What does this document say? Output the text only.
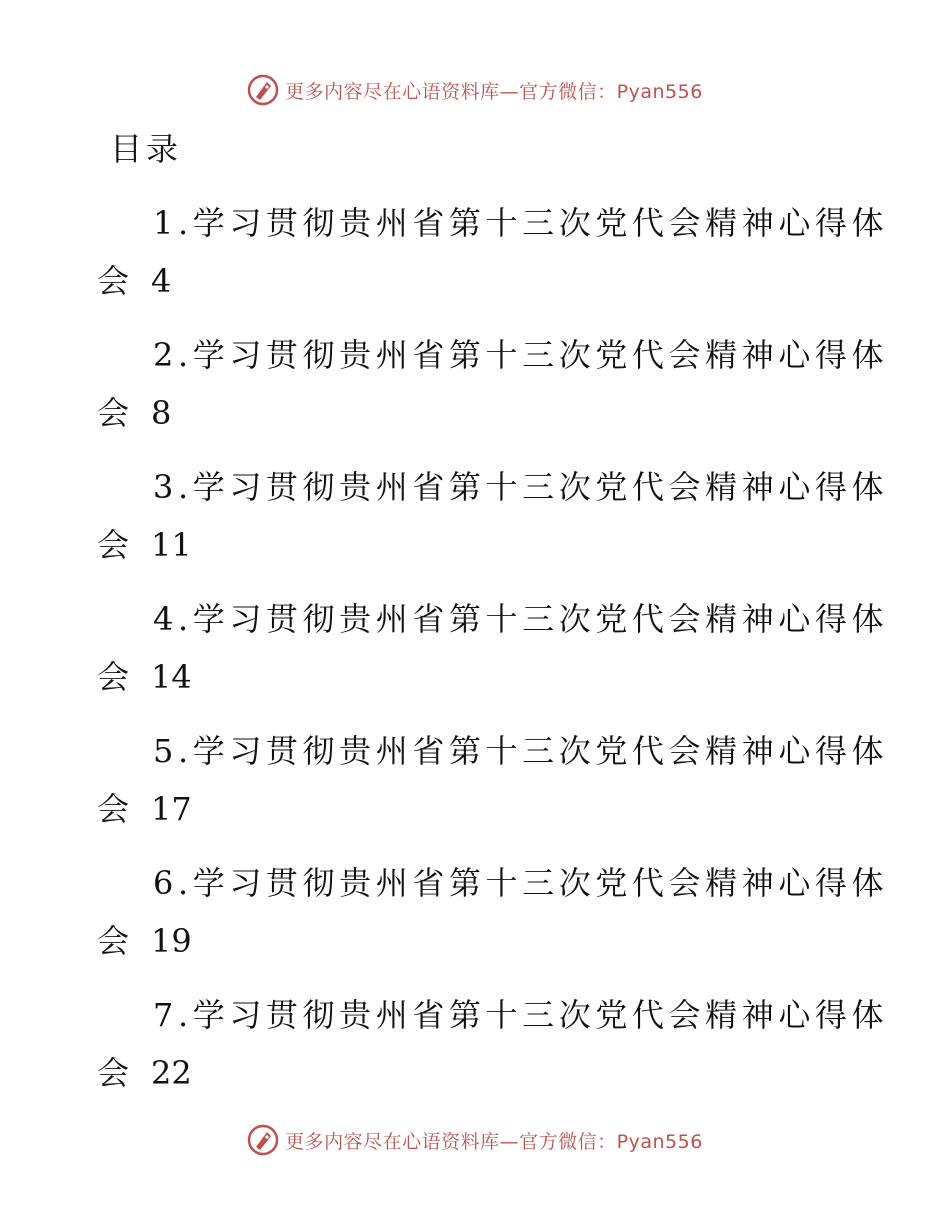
更多内容尽在心语资料库—官方微信：Pyan556
目录
1.学习贯彻贵州省第十三次党代会精神心得体
会 4
2.学习贯彻贵州省第十三次党代会精神心得体
会 8
3.学习贯彻贵州省第十三次党代会精神心得体
会 11
4.学习贯彻贵州省第十三次党代会精神心得体
会 14
5.学习贯彻贵州省第十三次党代会精神心得体
会 17
6.学习贯彻贵州省第十三次党代会精神心得体
会 19
7.学习贯彻贵州省第十三次党代会精神心得体
会 22
更多内容尽在心语资料库—官方微信：Pyan556
